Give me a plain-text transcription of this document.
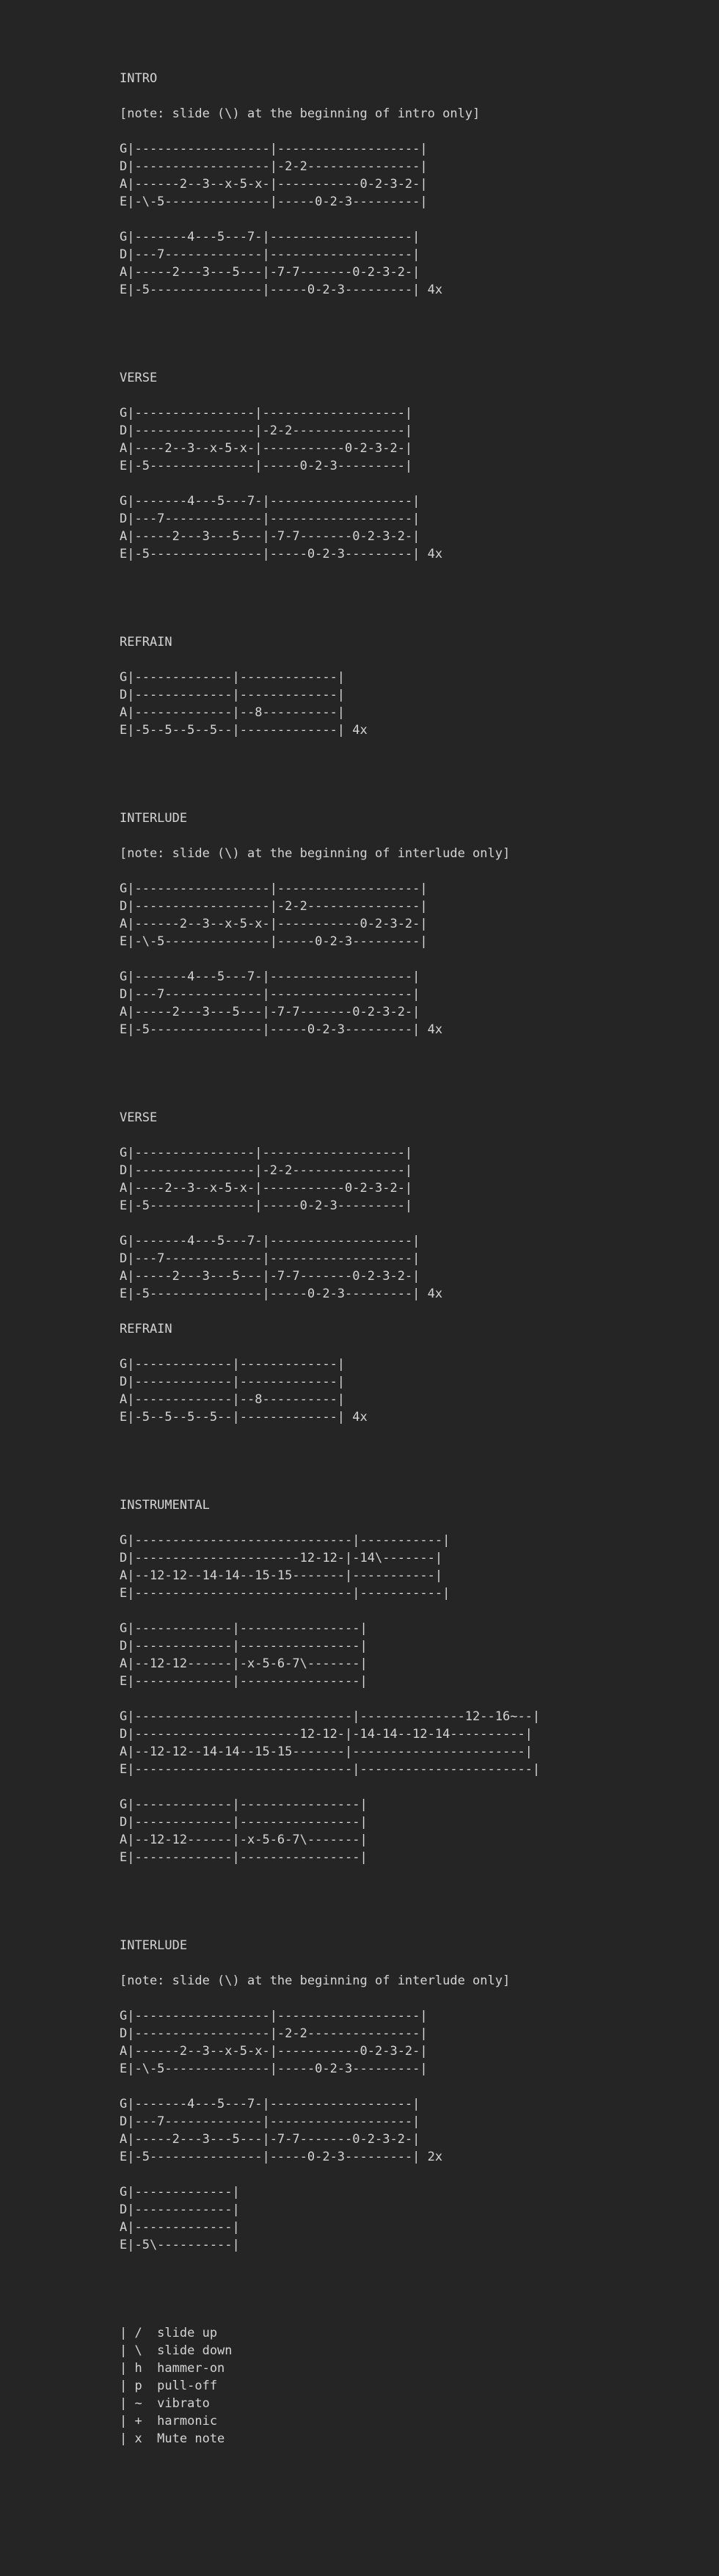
INTRO
[note: slide (\) at the beginning of intro only]
G|------------------|-------------------|
D|------------------|-2-2---------------|
A|------2--3--x-5-x-|-----------0-2-3-2-|
E|-\-5--------------|-----0-2-3---------|
G|-------4---5---7-|-------------------|
D|---7-------------|-------------------|
A|-----2---3---5---|-7-7-------0-2-3-2-|
E|-5---------------|-----0-2-3---------| 4x
VERSE
G|----------------|-------------------|
D|----------------|-2-2---------------|
A|----2--3--x-5-x-|-----------0-2-3-2-|
E|-5--------------|-----0-2-3---------|
G|-------4---5---7-|-------------------|
D|---7-------------|-------------------|
A|-----2---3---5---|-7-7-------0-2-3-2-|
E|-5---------------|-----0-2-3---------| 4x
REFRAIN
G|-------------|-------------|
D|-------------|-------------|
A|-------------|--8----------|
E|-5--5--5--5--|-------------| 4x
INTERLUDE
[note: slide (\) at the beginning of interlude only]
G|------------------|-------------------|
D|------------------|-2-2---------------|
A|------2--3--x-5-x-|-----------0-2-3-2-|
E|-\-5--------------|-----0-2-3---------|
G|-------4---5---7-|-------------------|
D|---7-------------|-------------------|
A|-----2---3---5---|-7-7-------0-2-3-2-|
E|-5---------------|-----0-2-3---------| 4x
VERSE
G|----------------|-------------------|
D|----------------|-2-2---------------|
A|----2--3--x-5-x-|-----------0-2-3-2-|
E|-5--------------|-----0-2-3---------|
G|-------4---5---7-|-------------------|
D|---7-------------|-------------------|
A|-----2---3---5---|-7-7-------0-2-3-2-|
E|-5---------------|-----0-2-3---------| 4x
REFRAIN
G|-------------|-------------|
D|-------------|-------------|
A|-------------|--8----------|
E|-5--5--5--5--|-------------| 4x
INSTRUMENTAL
G|-----------------------------|-----------|
D|----------------------12-12-|-14\-------|
A|--12-12--14-14--15-15-------|-----------|
E|-----------------------------|-----------|
G|-------------|----------------|
D|-------------|----------------|
A|--12-12------|-x-5-6-7\-------|
E|-------------|----------------|
G|-----------------------------|--------------12--16~--|
D|----------------------12-12-|-14-14--12-14----------|
A|--12-12--14-14--15-15-------|-----------------------|
E|-----------------------------|-----------------------|
G|-------------|----------------|
D|-------------|----------------|
A|--12-12------|-x-5-6-7\-------|
E|-------------|----------------|
INTERLUDE
[note: slide (\) at the beginning of interlude only]
G|------------------|-------------------|
D|------------------|-2-2---------------|
A|------2--3--x-5-x-|-----------0-2-3-2-|
E|-\-5--------------|-----0-2-3---------|
G|-------4---5---7-|-------------------|
D|---7-------------|-------------------|
A|-----2---3---5---|-7-7-------0-2-3-2-|
E|-5---------------|-----0-2-3---------| 2x
G|-------------|
D|-------------|
A|-------------|
E|-5\----------|
| /  slide up
| \  slide down
| h  hammer-on
| p  pull-off
| ~  vibrato
| +  harmonic
| x  Mute note
